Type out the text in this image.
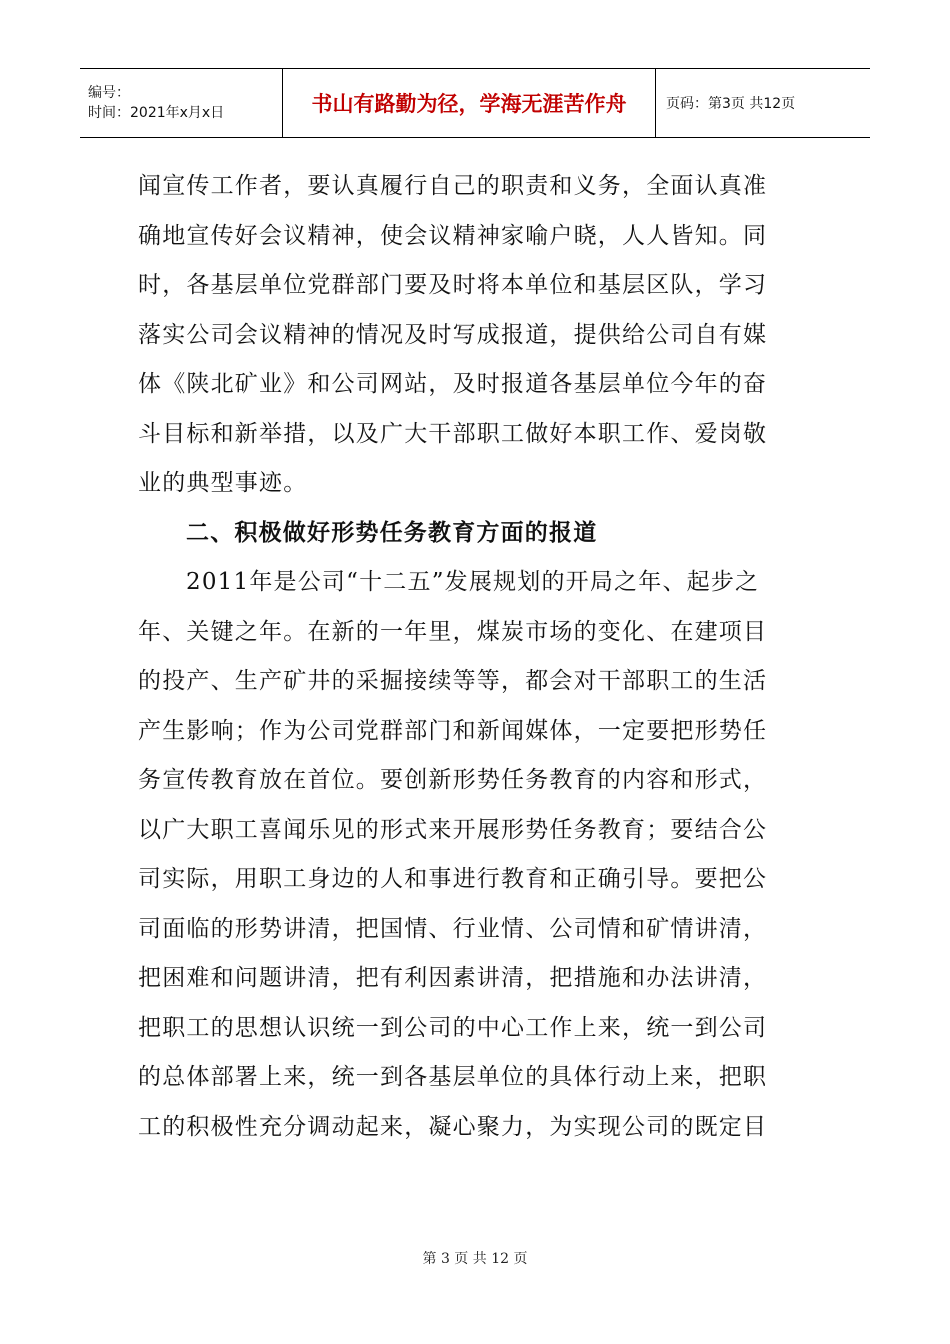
编号：
时间：2021年x月x日	书山有路勤为径，学海无涯苦作舟	页码：第3页 共12页

闻宣传工作者，要认真履行自己的职责和义务，全面认真准

确地宣传好会议精神，使会议精神家喻户晓，人人皆知。同

时，各基层单位党群部门要及时将本单位和基层区队，学习

落实公司会议精神的情况及时写成报道，提供给公司自有媒

体《陕北矿业》和公司网站，及时报道各基层单位今年的奋

斗目标和新举措，以及广大干部职工做好本职工作、爱岗敬

业的典型事迹。

二、积极做好形势任务教育方面的报道

2011年是公司“十二五”发展规划的开局之年、起步之

年、关键之年。在新的一年里，煤炭市场的变化、在建项目

的投产、生产矿井的采掘接续等等，都会对干部职工的生活

产生影响；作为公司党群部门和新闻媒体，一定要把形势任

务宣传教育放在首位。要创新形势任务教育的内容和形式，

以广大职工喜闻乐见的形式来开展形势任务教育；要结合公

司实际，用职工身边的人和事进行教育和正确引导。要把公

司面临的形势讲清，把国情、行业情、公司情和矿情讲清，

把困难和问题讲清，把有利因素讲清，把措施和办法讲清，

把职工的思想认识统一到公司的中心工作上来，统一到公司

的总体部署上来，统一到各基层单位的具体行动上来，把职

工的积极性充分调动起来，凝心聚力，为实现公司的既定目

第 3 页 共 12 页
